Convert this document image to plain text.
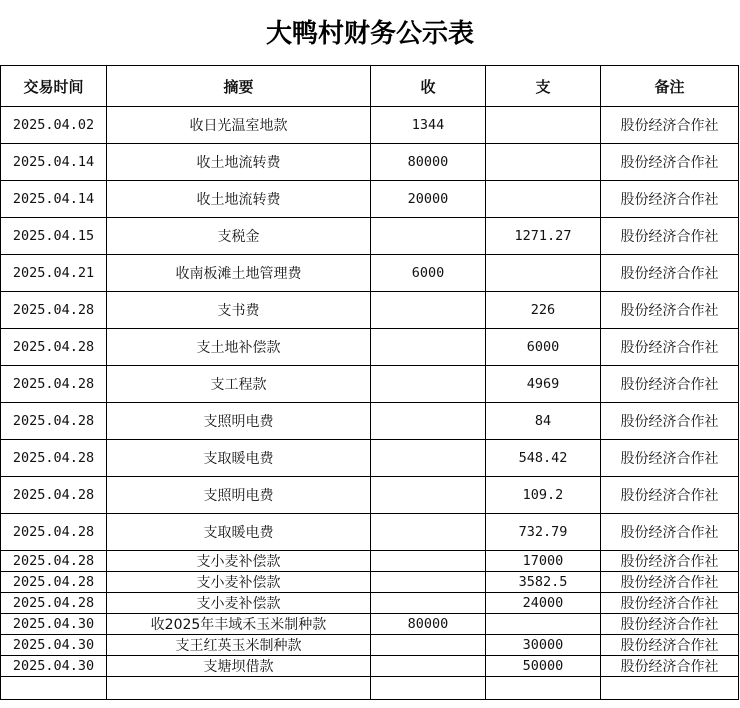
大鸭村财务公示表
交易时间	摘要	收	支	备注
2025.04.02	收日光温室地款	1344		股份经济合作社
2025.04.14	收土地流转费	80000		股份经济合作社
2025.04.14	收土地流转费	20000		股份经济合作社
2025.04.15	支税金		1271.27	股份经济合作社
2025.04.21	收南板滩土地管理费	6000		股份经济合作社
2025.04.28	支书费		226	股份经济合作社
2025.04.28	支土地补偿款		6000	股份经济合作社
2025.04.28	支工程款		4969	股份经济合作社
2025.04.28	支照明电费		84	股份经济合作社
2025.04.28	支取暖电费		548.42	股份经济合作社
2025.04.28	支照明电费		109.2	股份经济合作社
2025.04.28	支取暖电费		732.79	股份经济合作社
2025.04.28	支小麦补偿款		17000	股份经济合作社
2025.04.28	支小麦补偿款		3582.5	股份经济合作社
2025.04.28	支小麦补偿款		24000	股份经济合作社
2025.04.30	收2025年丰域禾玉米制种款	80000		股份经济合作社
2025.04.30	支王红英玉米制种款		30000	股份经济合作社
2025.04.30	支塘坝借款		50000	股份经济合作社
